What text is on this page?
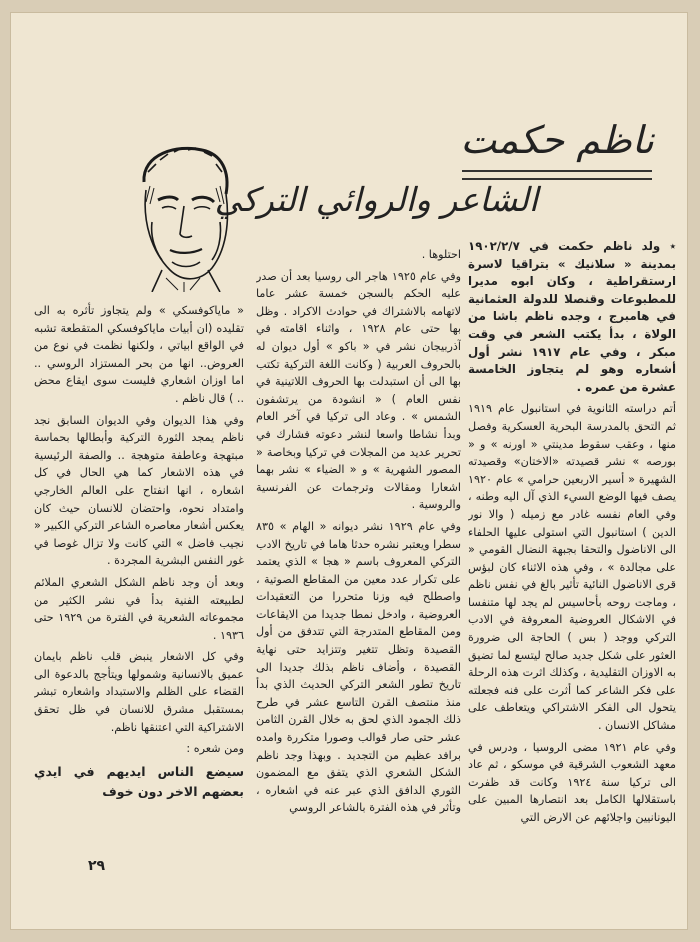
ناظم حكمت
الشاعر والروائي التركي

٭ ولد ناظم حكمت في ١٩٠٢/٢/٧ بمدينة « سلانيك » بتراقيا لاسرة ارستقراطية ، وكان ابوه مديرا للمطبوعات وقنصلا للدولة العثمانية في هامبرج ، وجده ناظم باشا من الولاة ، بدأ يكتب الشعر في وقت مبكر ، وفي عام ١٩١٧ نشر أول أشعاره وهو لم يتجاوز الخامسة عشرة من عمره .

أتم دراسته الثانوية في استانبول عام ١٩١٩ ثم التحق بالمدرسة البحرية العسكرية وفصل منها ، وعقب سقوط مدينتي « اورنه » و « بورصه » نشر قصيدته «الاختان» وقصيدته الشهيرة « أسير الاربعين حرامي » عام ١٩٢٠ يصف فيها الوضع السيء الذي آل اليه وطنه ، وفي العام نفسه غادر مع زميله ( والا نور الدين ) استانبول التي استولى عليها الحلفاء الى الاناضول والتحقا بجبهة النضال القومي « على مجالدة » ، وفي هذه الاثناء كان لبؤس قرى الاناضول النائية تأثير بالغ في نفس ناظم ، وماجت روحه بأحاسيس لم يجد لها متنفسا في الاشكال العروضية المعروفة في الادب التركي ووجد ( بس ) الحاجة الى ضرورة العثور على شكل جديد صالح ليتسع لما تضيق به الاوزان التقليدية ، وكذلك اثرت هذه الرحلة على فكر الشاعر كما أثرت على فنه فجعلته يتحول الى الفكر الاشتراكي ويتعاطف على مشاكل الانسان .

وفي عام ١٩٢١ مضى الروسيا ، ودرس في معهد الشعوب الشرقية في موسكو ، ثم عاد الى تركيا سنة ١٩٢٤ وكانت قد ظفرت باستقلالها الكامل بعد انتصارها المبين على اليونانيين واجلائهم عن الارض التي

احتلوها .

وفي عام ١٩٢٥ هاجر الى روسيا بعد أن صدر عليه الحكم بالسجن خمسة عشر عاما لاتهامه بالاشتراك في حوادث الاكراد . وظل بها حتى عام ١٩٢٨ ، واثناء اقامته في آذربيجان نشر في « باكو » أول ديوان له بالحروف العربية ( وكانت اللغة التركية تكتب بها الى أن استبدلت بها الحروف اللاتينية في نفس العام ) « انشودة من يرتشفون الشمس » . وعاد الى تركيا في آخر العام وبدأ نشاطا واسعا لنشر دعوته فشارك في تحرير عديد من المجلات في تركيا وبخاصة « المصور الشهرية » و « الضياء » نشر بهما اشعارا ومقالات وترجمات عن الفرنسية والروسية .

وفي عام ١٩٢٩ نشر ديوانه « الهام » ٨٣٥ سطرا ويعتبر نشره حدثا هاما في تاريخ الادب التركي المعروف باسم « هجا » الذي يعتمد على تكرار عدد معين من المقاطع الصوتية ، واصطلح فيه وزنا متحررا من التعقيدات العروضية ، وادخل نمطا جديدا من الايقاعات ومن المقاطع المتدرجة التي تتدفق من أول القصيدة وتظل تتغير وتتزايد حتى نهاية القصيدة ، وأضاف ناظم بذلك جديدا الى تاريخ تطور الشعر التركي الحديث الذي بدأ منذ منتصف القرن التاسع عشر في طرح ذلك الجمود الذي لحق به خلال القرن الثامن عشر حتى صار قوالب وصورا متكررة وامده برافد عظيم من التجديد . وبهذا وجد ناظم الشكل الشعري الذي يتفق مع المضمون الثوري الدافق الذي عبر عنه في اشعاره ، وتأثر في هذه الفترة بالشاعر الروسي

« ماياكوفسكي » ولم يتجاوز تأثره به الى تقليده (ان أبيات ماياكوفسكي المتقطعة تشبه في الواقع ابياتي ، ولكنها نظمت في نوع من العروض.. انها من بحر المستزاد الروسي .. اما اوزان اشعاري فليست سوى ايقاع محض .. ) قال ناظم .

وفي هذا الديوان وفي الديوان السابق نجد ناظم يمجد الثورة التركية وأبطالها بحماسة مبتهجة وعاطفة متوهجة .. والصفة الرئيسية في هذه الاشعار كما هي الحال في كل اشعاره ، انها انفتاح على العالم الخارجي وامتداد نحوه، واحتضان للانسان حيث كان يعكس أشعار معاصره الشاعر التركي الكبير « نجيب فاضل » التي كانت ولا تزال غوصا في غور النفس البشرية المجردة .

وبعد أن وجد ناظم الشكل الشعري الملائم لطبيعته الفنية بدأ في نشر الكثير من مجموعاته الشعرية في الفترة من ١٩٢٩ حتى ١٩٣٦ .

وفي كل الاشعار ينبض قلب ناظم بايمان عميق بالانسانية وشمولها ويتأجج بالدعوة الى القضاء على الظلم والاستبداد واشعاره تبشر بمستقبل مشرق للانسان في ظل تحقق الاشتراكية التي اعتنقها ناظم.

ومن شعره :

سيضع الناس ايديهم في ايدي بعضهم الاخر دون خوف

٢٩
